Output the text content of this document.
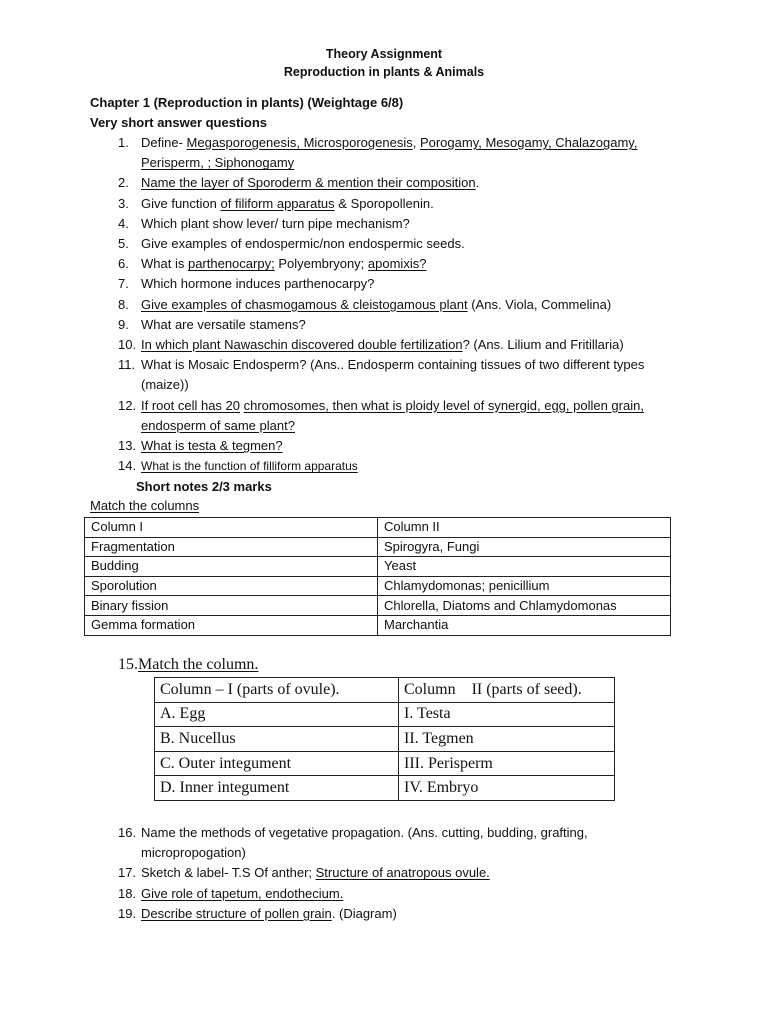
Theory Assignment
Reproduction in plants & Animals
Chapter 1 (Reproduction in plants) (Weightage 6/8)
Very short answer questions
1. Define- Megasporogenesis, Microsporogenesis, Porogamy, Mesogamy, Chalazogamy, Perisperm, ; Siphonogamy
2. Name the layer of Sporoderm & mention their composition.
3. Give function of filiform apparatus & Sporopollenin.
4. Which plant show lever/ turn pipe mechanism?
5. Give examples of endospermic/non endospermic seeds.
6. What is parthenocarpy; Polyembryony; apomixis?
7. Which hormone induces parthenocarpy?
8. Give examples of chasmogamous & cleistogamous plant (Ans. Viola, Commelina)
9. What are versatile stamens?
10. In which plant Nawaschin discovered double fertilization? (Ans. Lilium and Fritillaria)
11. What is Mosaic Endosperm? (Ans.. Endosperm containing tissues of two different types (maize))
12. If root cell has 20 chromosomes, then what is ploidy level of synergid, egg, pollen grain, endosperm of same plant?
13. What is testa & tegmen?
14. What is the function of filliform apparatus
Short notes 2/3 marks
Match the columns
Column I	Column II
Fragmentation	Spirogyra, Fungi
Budding	Yeast
Sporolution	Chlamydomonas; penicillium
Binary fission	Chlorella, Diatoms and Chlamydomonas
Gemma formation	Marchantia
15.Match the column.
Column – I (parts of ovule).	Column    II (parts of seed).
A. Egg	I. Testa
B. Nucellus	II. Tegmen
C. Outer integument	III. Perisperm
D. Inner integument	IV. Embryo
16. Name the methods of vegetative propagation. (Ans. cutting, budding, grafting, micropropogation)
17. Sketch & label- T.S Of anther; Structure of anatropous ovule.
18. Give role of tapetum, endothecium.
19. Describe structure of pollen grain. (Diagram)
